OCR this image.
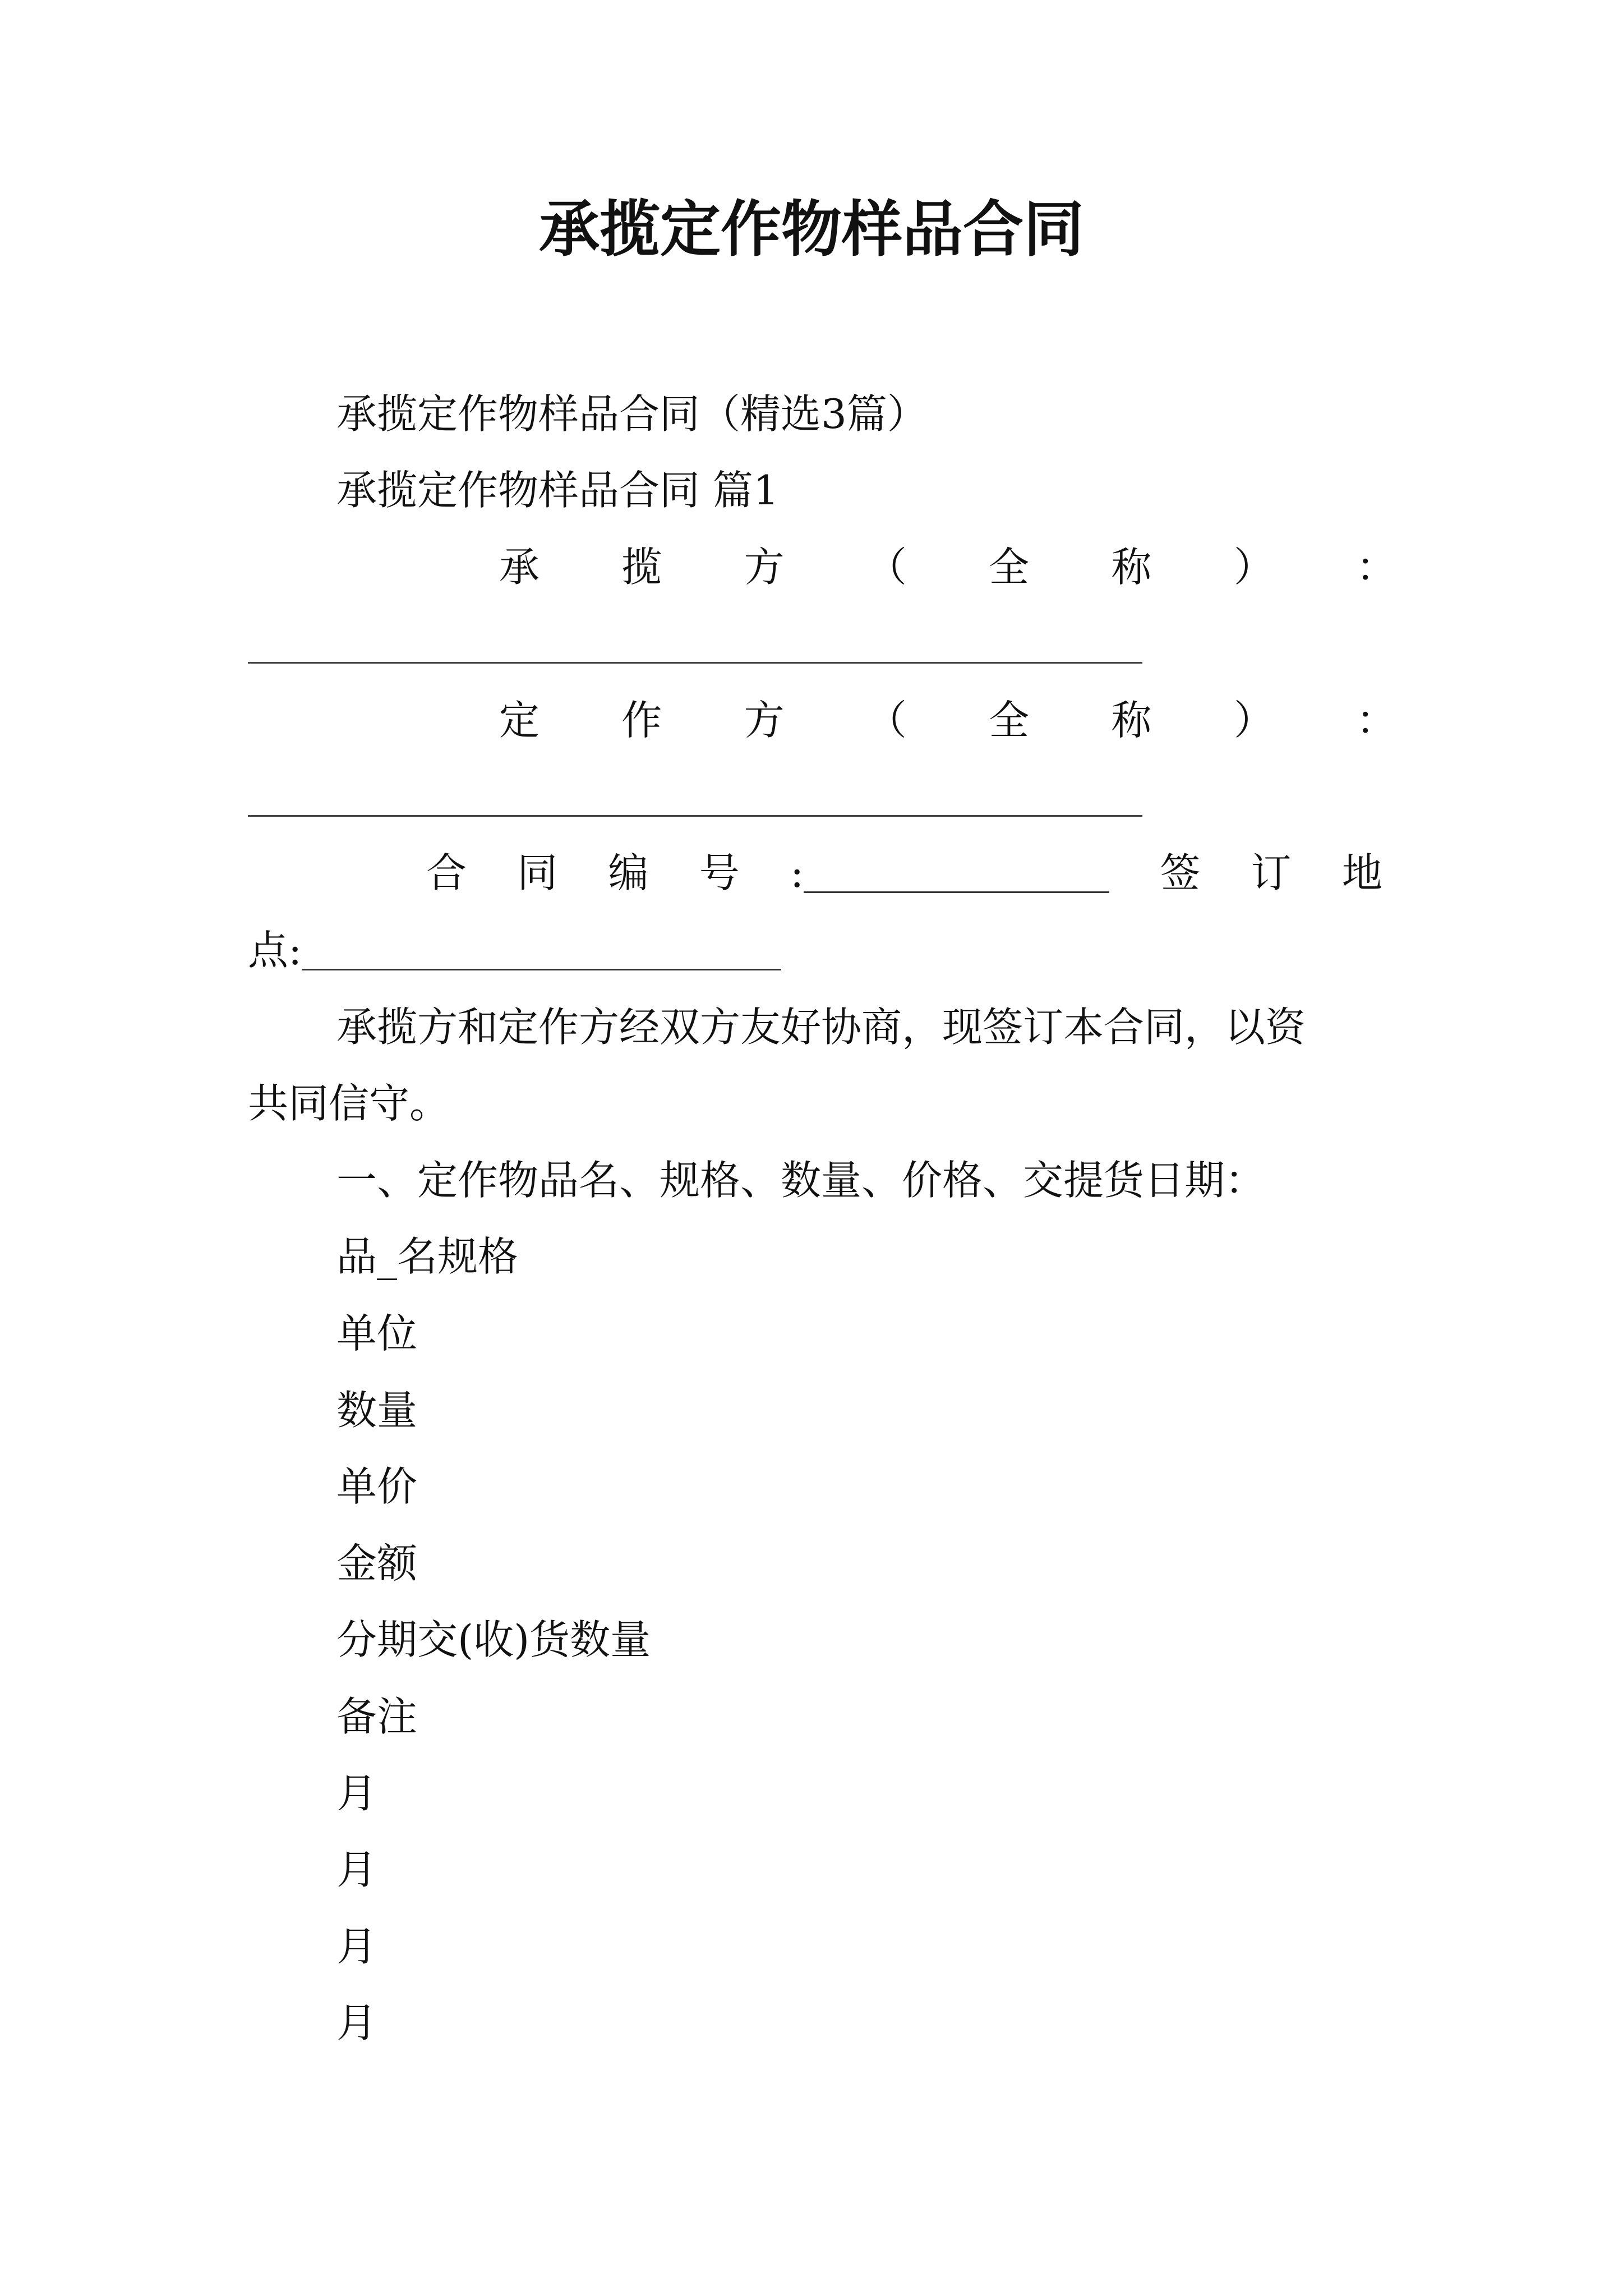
承揽定作物样品合同
承揽定作物样品合同（精选3篇）
承揽定作物样品合同 篇1
承 揽 方 （ 全 称 ） ：
定 作 方 （ 全 称 ） ：
合 同 编 号 :	签 订 地
点:
承揽方和定作方经双方友好协商，现签订本合同，以资
共同信守。
一、定作物品名、规格、数量、价格、交提货日期：
品_名规格
单位
数量
单价
金额
分期交(收)货数量
备注
月
月
月
月
